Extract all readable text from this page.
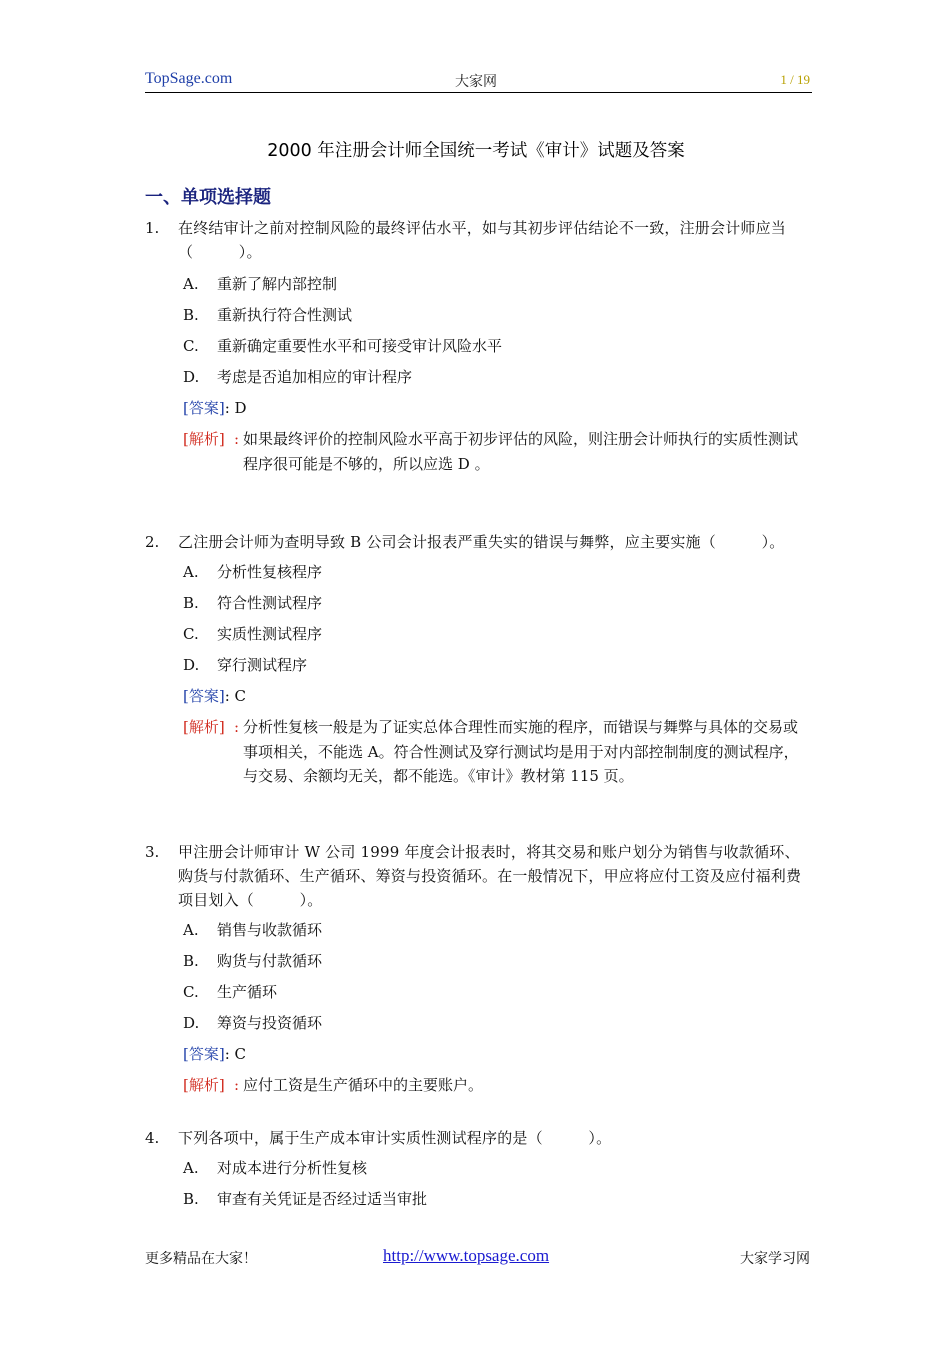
TopSage.com	大家网	1 / 19
2000 年注册会计师全国统一考试《审计》试题及答案
一、单项选择题
1.	在终结审计之前对控制风险的最终评估水平，如与其初步评估结论不一致，注册会计师应当（　　　）。
A. 重新了解内部控制
B. 重新执行符合性测试
C. 重新确定重要性水平和可接受审计风险水平
D. 考虑是否追加相应的审计程序
[答案]: D
[解析] : 如果最终评价的控制风险水平高于初步评估的风险，则注册会计师执行的实质性测试程序很可能是不够的，所以应选 D 。
2.	乙注册会计师为查明导致 B 公司会计报表严重失实的错误与舞弊，应主要实施（　　　）。
A. 分析性复核程序
B. 符合性测试程序
C. 实质性测试程序
D. 穿行测试程序
[答案]: C
[解析] : 分析性复核一般是为了证实总体合理性而实施的程序，而错误与舞弊与具体的交易或事项相关，不能选 A。符合性测试及穿行测试均是用于对内部控制制度的测试程序，与交易、余额均无关，都不能选。《审计》教材第 115 页。
3.	甲注册会计师审计 W 公司 1999 年度会计报表时，将其交易和账户划分为销售与收款循环、购货与付款循环、生产循环、筹资与投资循环。在一般情况下，甲应将应付工资及应付福利费项目划入（　　　）。
A. 销售与收款循环
B. 购货与付款循环
C. 生产循环
D. 筹资与投资循环
[答案]: C
[解析] : 应付工资是生产循环中的主要账户。
4.	下列各项中，属于生产成本审计实质性测试程序的是（　　　）。
A. 对成本进行分析性复核
B. 审查有关凭证是否经过适当审批
更多精品在大家！	http://www.topsage.com	大家学习网
